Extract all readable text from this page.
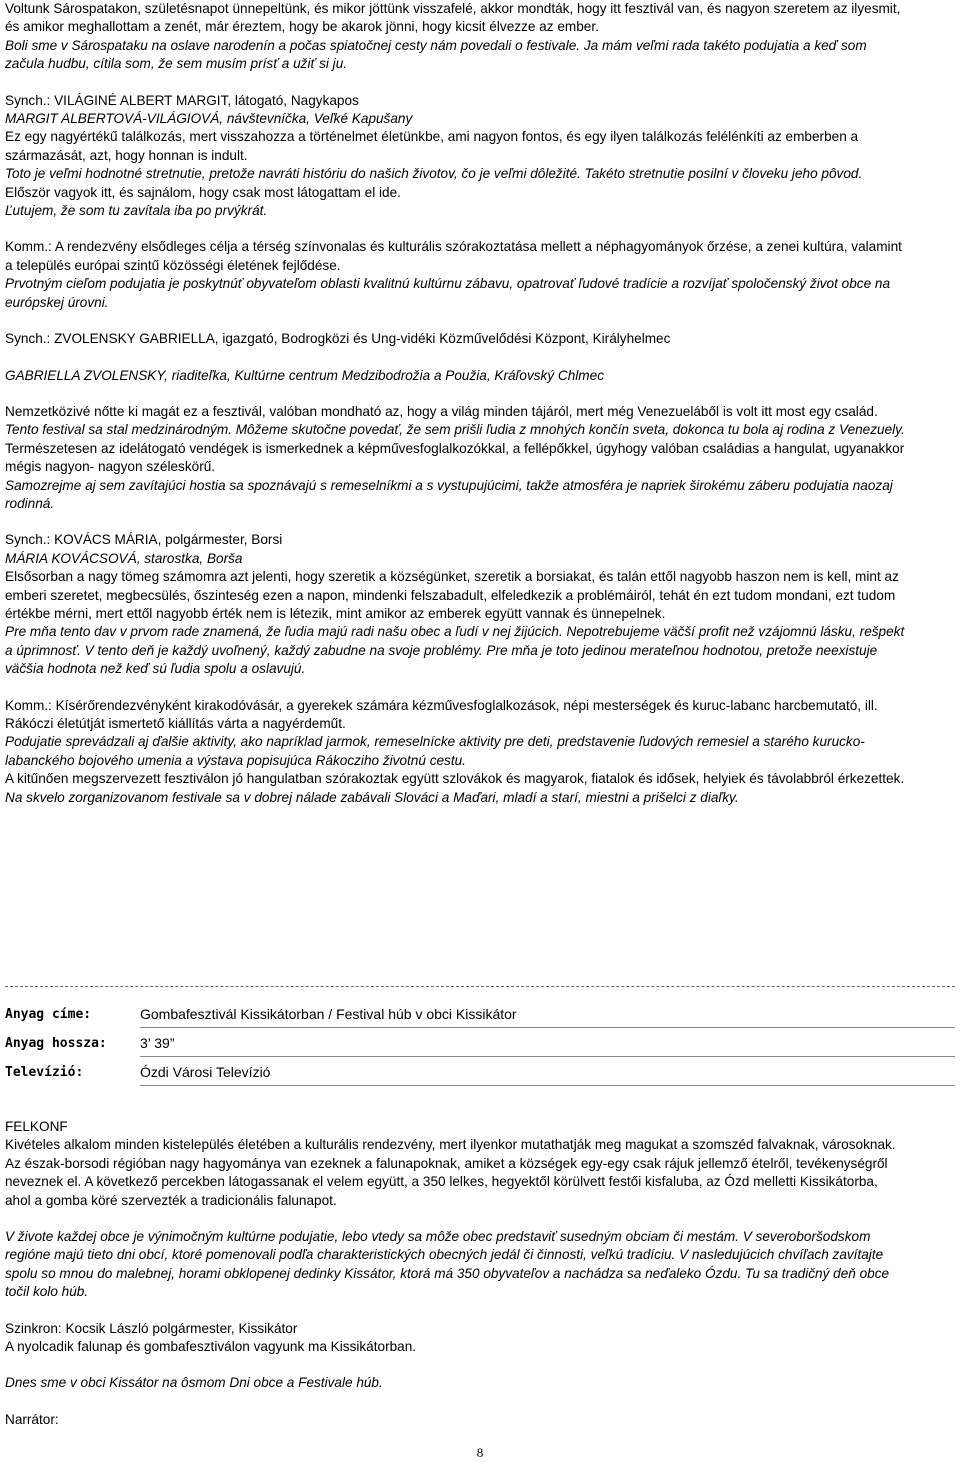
Voltunk Sárospatakon, születésnapot ünnepeltünk, és mikor jöttünk visszafelé, akkor mondták, hogy itt fesztivál van, és nagyon szeretem az ilyesmit, és amikor meghallottam a zenét, már éreztem, hogy be akarok jönni, hogy kicsit élvezze az ember.

Boli sme v Sárospataku na oslave narodenín a počas spiatočnej cesty nám povedali o festivale. Ja mám veľmi rada takéto podujatia a keď som začula hudbu, cítila som, že sem musím prísť a užiť si ju.

Synch.: VILÁGINÉ ALBERT MARGIT, látogató, Nagykapos

MARGIT ALBERTOVÁ-VILÁGIOVÁ, návštevníčka, Veľké Kapušany

Ez egy nagyértékű találkozás, mert visszahozza a történelmet életünkbe, ami nagyon fontos, és egy ilyen találkozás felélénkíti az emberben a származását, azt, hogy honnan is indult.

Toto je veľmi hodnotné stretnutie, pretože navráti históriu do našich životov, čo je veľmi dôležité. Takéto stretnutie posilní v človeku jeho pôvod.

Először vagyok itt, és sajnálom, hogy csak most látogattam el ide.

Ľutujem, že som tu zavítala iba po prvýkrát.

Komm.: A rendezvény elsődleges célja a térség színvonalas és kulturális szórakoztatása mellett a néphagyományok őrzése, a zenei kultúra, valamint a település európai szintű közösségi életének fejlődése.

Prvotným cieľom podujatia je poskytnúť obyvateľom oblasti kvalitnú kultúrnu zábavu, opatrovať ľudové tradície a rozvíjať spoločenský život obce na európskej úrovni.

Synch.: ZVOLENSKY GABRIELLA, igazgató, Bodrogközi és Ung-vidéki Közművelődési Központ, Királyhelmec

GABRIELLA ZVOLENSKY, riaditeľka, Kultúrne centrum Medzibodrožia a Použia, Kráľovský Chlmec

Nemzetközivé nőtte ki magát ez a fesztivál, valóban mondható az, hogy a világ minden tájáról, mert még Venezueláből is volt itt most egy család.

Tento festival sa stal medzinárodným. Môžeme skutočne povedať, že sem prišli ľudia z mnohých končín sveta, dokonca tu bola aj rodina z Venezuely.

Természetesen az idelátogató vendégek is ismerkednek a képművesfoglalkozókkal, a fellépőkkel, úgyhogy valóban családias a hangulat, ugyanakkor mégis nagyon- nagyon széleskörű.

Samozrejme aj sem zavítajúci hostia sa spoznávajú s remeselníkmi a s vystupujúcimi, takže atmosféra je napriek širokému záberu podujatia naozaj rodinná.

Synch.: KOVÁCS MÁRIA, polgármester, Borsi

MÁRIA KOVÁCSOVÁ, starostka, Borša

Elsősorban a nagy tömeg számomra azt jelenti, hogy szeretik a községünket, szeretik a borsiakat, és talán ettől nagyobb haszon nem is kell, mint az emberi szeretet, megbecsülés, őszinteség ezen a napon, mindenki felszabadult, elfeledkezik a problémáiról, tehát én ezt tudom mondani, ezt tudom értékbe mérni, mert ettől nagyobb érték nem is létezik, mint amikor az emberek együtt vannak és ünnepelnek.

Pre mňa tento dav v prvom rade znamená, že ľudia majú radi našu obec a ľudí v nej žijúcich. Nepotrebujeme väčší profit než vzájomnú lásku, rešpekt a úprimnosť. V tento deň je každý uvoľnený, každý zabudne na svoje problémy. Pre mňa je toto jedinou merateľnou hodnotou, pretože neexistuje väčšia hodnota než keď sú ľudia spolu a oslavujú.

Komm.: Kísérőrendezvényként kirakodóvásár, a gyerekek számára kézművesfoglalkozások, népi mesterségek és kuruc-labanc harcbemutató, ill. Rákóczi életútját ismertető kiállítás várta a nagyérdeműt.

Podujatie sprevádzali aj ďalšie aktivity, ako napríklad jarmok, remeselnícke aktivity pre deti, predstavenie ľudových remesiel a starého kurucko-labanckého bojového umenia a výstava popisujúca Rákocziho životnú cestu.

A kitűnően megszervezett fesztiválon jó hangulatban szórakoztak együtt szlovákok és magyarok, fiatalok és idősek, helyiek és távolabbról érkezettek.

Na skvelo zorganizovanom festivale sa v dobrej nálade zabávali Slováci a Maďari, mladí a starí, miestni a prišelci z diaľky.

Anyag címe:	Gombafesztivál Kissikátorban / Festival húb v obci Kissikátor
Anyag hossza:	3’ 39”
Televízió:	Ózdi Városi Televízió

FELKONF

Kivételes alkalom minden kistelepülés életében a kulturális rendezvény, mert ilyenkor mutathatják meg magukat a szomszéd falvaknak, városoknak. Az észak-borsodi régióban nagy hagyománya van ezeknek a falunapoknak, amiket a községek egy-egy csak rájuk jellemző ételről, tevékenységről neveznek el. A következő percekben látogassanak el velem együtt, a 350 lelkes, hegyektől körülvett festői kisfaluba, az Ózd melletti Kissikátorba, ahol a gomba köré szervezték a tradicionális falunapot.

V živote každej obce je výnimočným kultúrne podujatie, lebo vtedy sa môže obec predstaviť susedným obciam či mestám. V severoboršodskom regióne majú tieto dni obcí, ktoré pomenovali podľa charakteristických obecných jedál či činnosti, veľkú tradíciu. V nasledujúcich chvíľach zavítajte spolu so mnou do malebnej, horami obklopenej dedinky Kissátor, ktorá má 350 obyvateľov a nachádza sa neďaleko Ózdu. Tu sa tradičný deň obce točil kolo húb.

Szinkron: Kocsik László polgármester, Kissikátor

A nyolcadik falunap és gombafesztiválon vagyunk ma Kissikátorban.

Dnes sme v obci Kissátor na ôsmom Dni obce a Festivale húb.

Narrátor:

8
